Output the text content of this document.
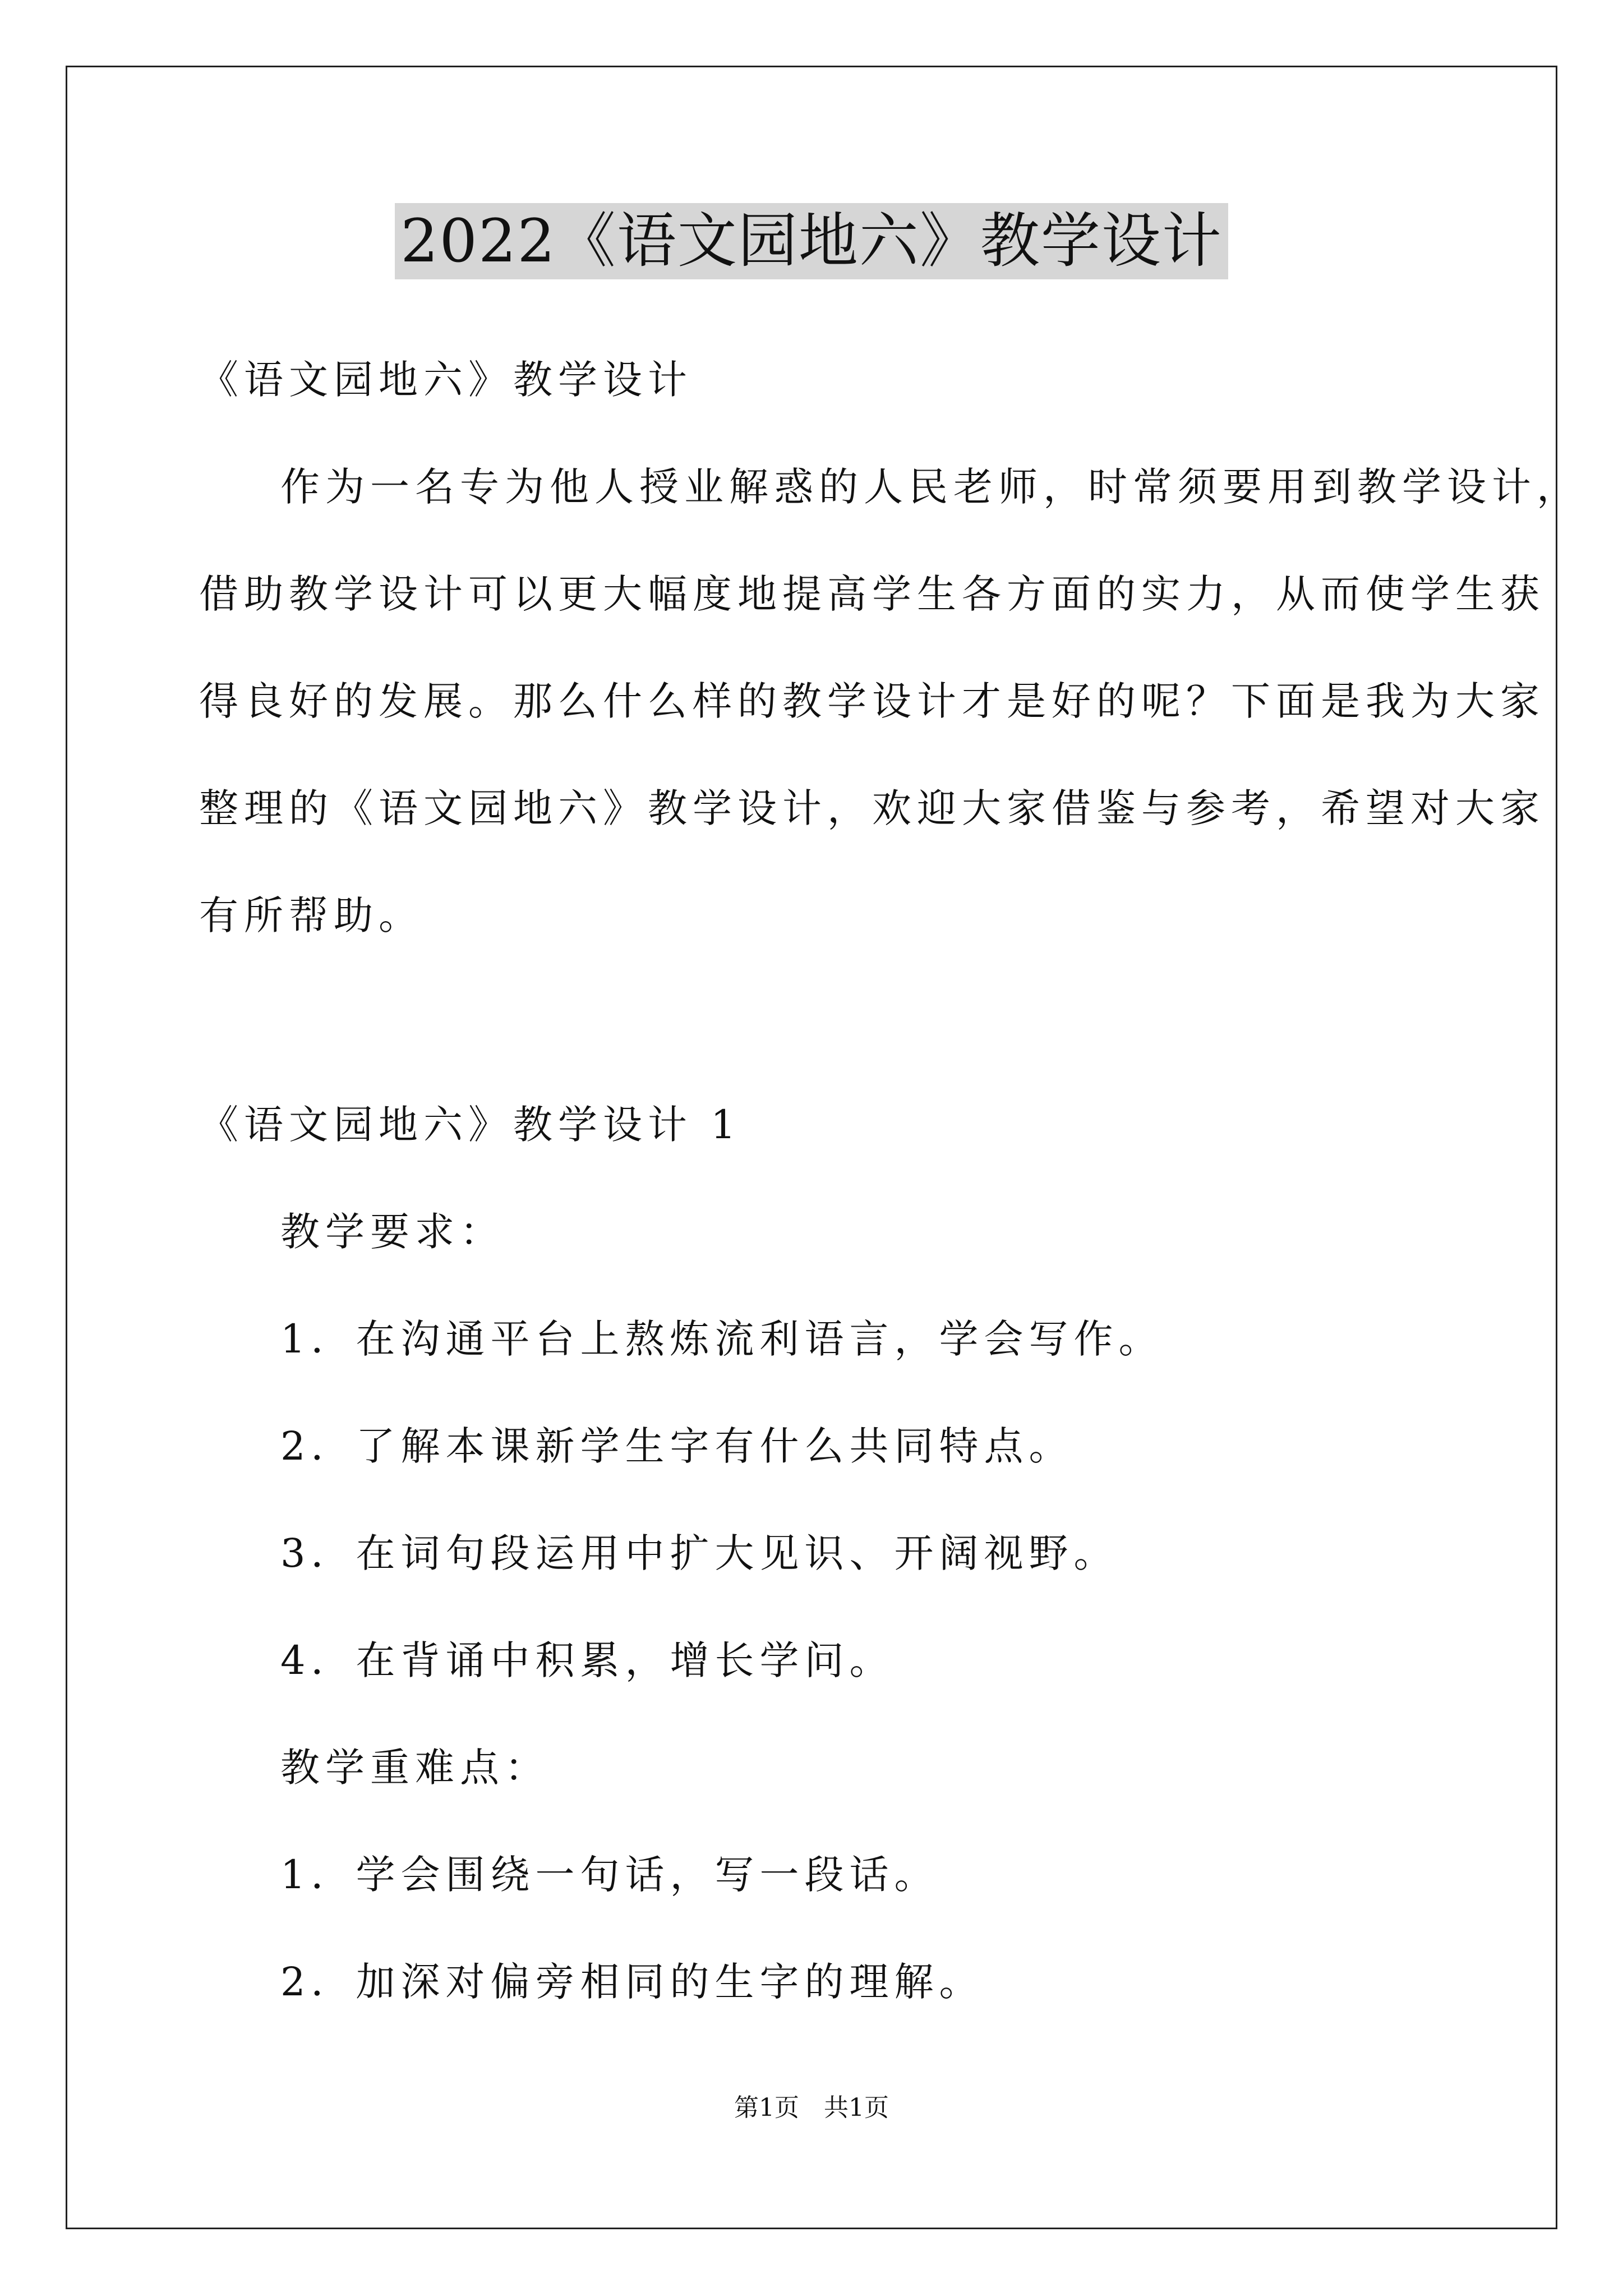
2022《语文园地六》教学设计
《语文园地六》教学设计
作为一名专为他人授业解惑的人民老师，时常须要用到教学设计，
借助教学设计可以更大幅度地提高学生各方面的实力，从而使学生获
得良好的发展。那么什么样的教学设计才是好的呢？下面是我为大家
整理的《语文园地六》教学设计，欢迎大家借鉴与参考，希望对大家
有所帮助。
《语文园地六》教学设计 1
教学要求：
1．在沟通平台上熬炼流利语言，学会写作。
2．了解本课新学生字有什么共同特点。
3．在词句段运用中扩大见识、开阔视野。
4．在背诵中积累，增长学问。
教学重难点：
1．学会围绕一句话，写一段话。
2．加深对偏旁相同的生字的理解。
第1页　共1页
